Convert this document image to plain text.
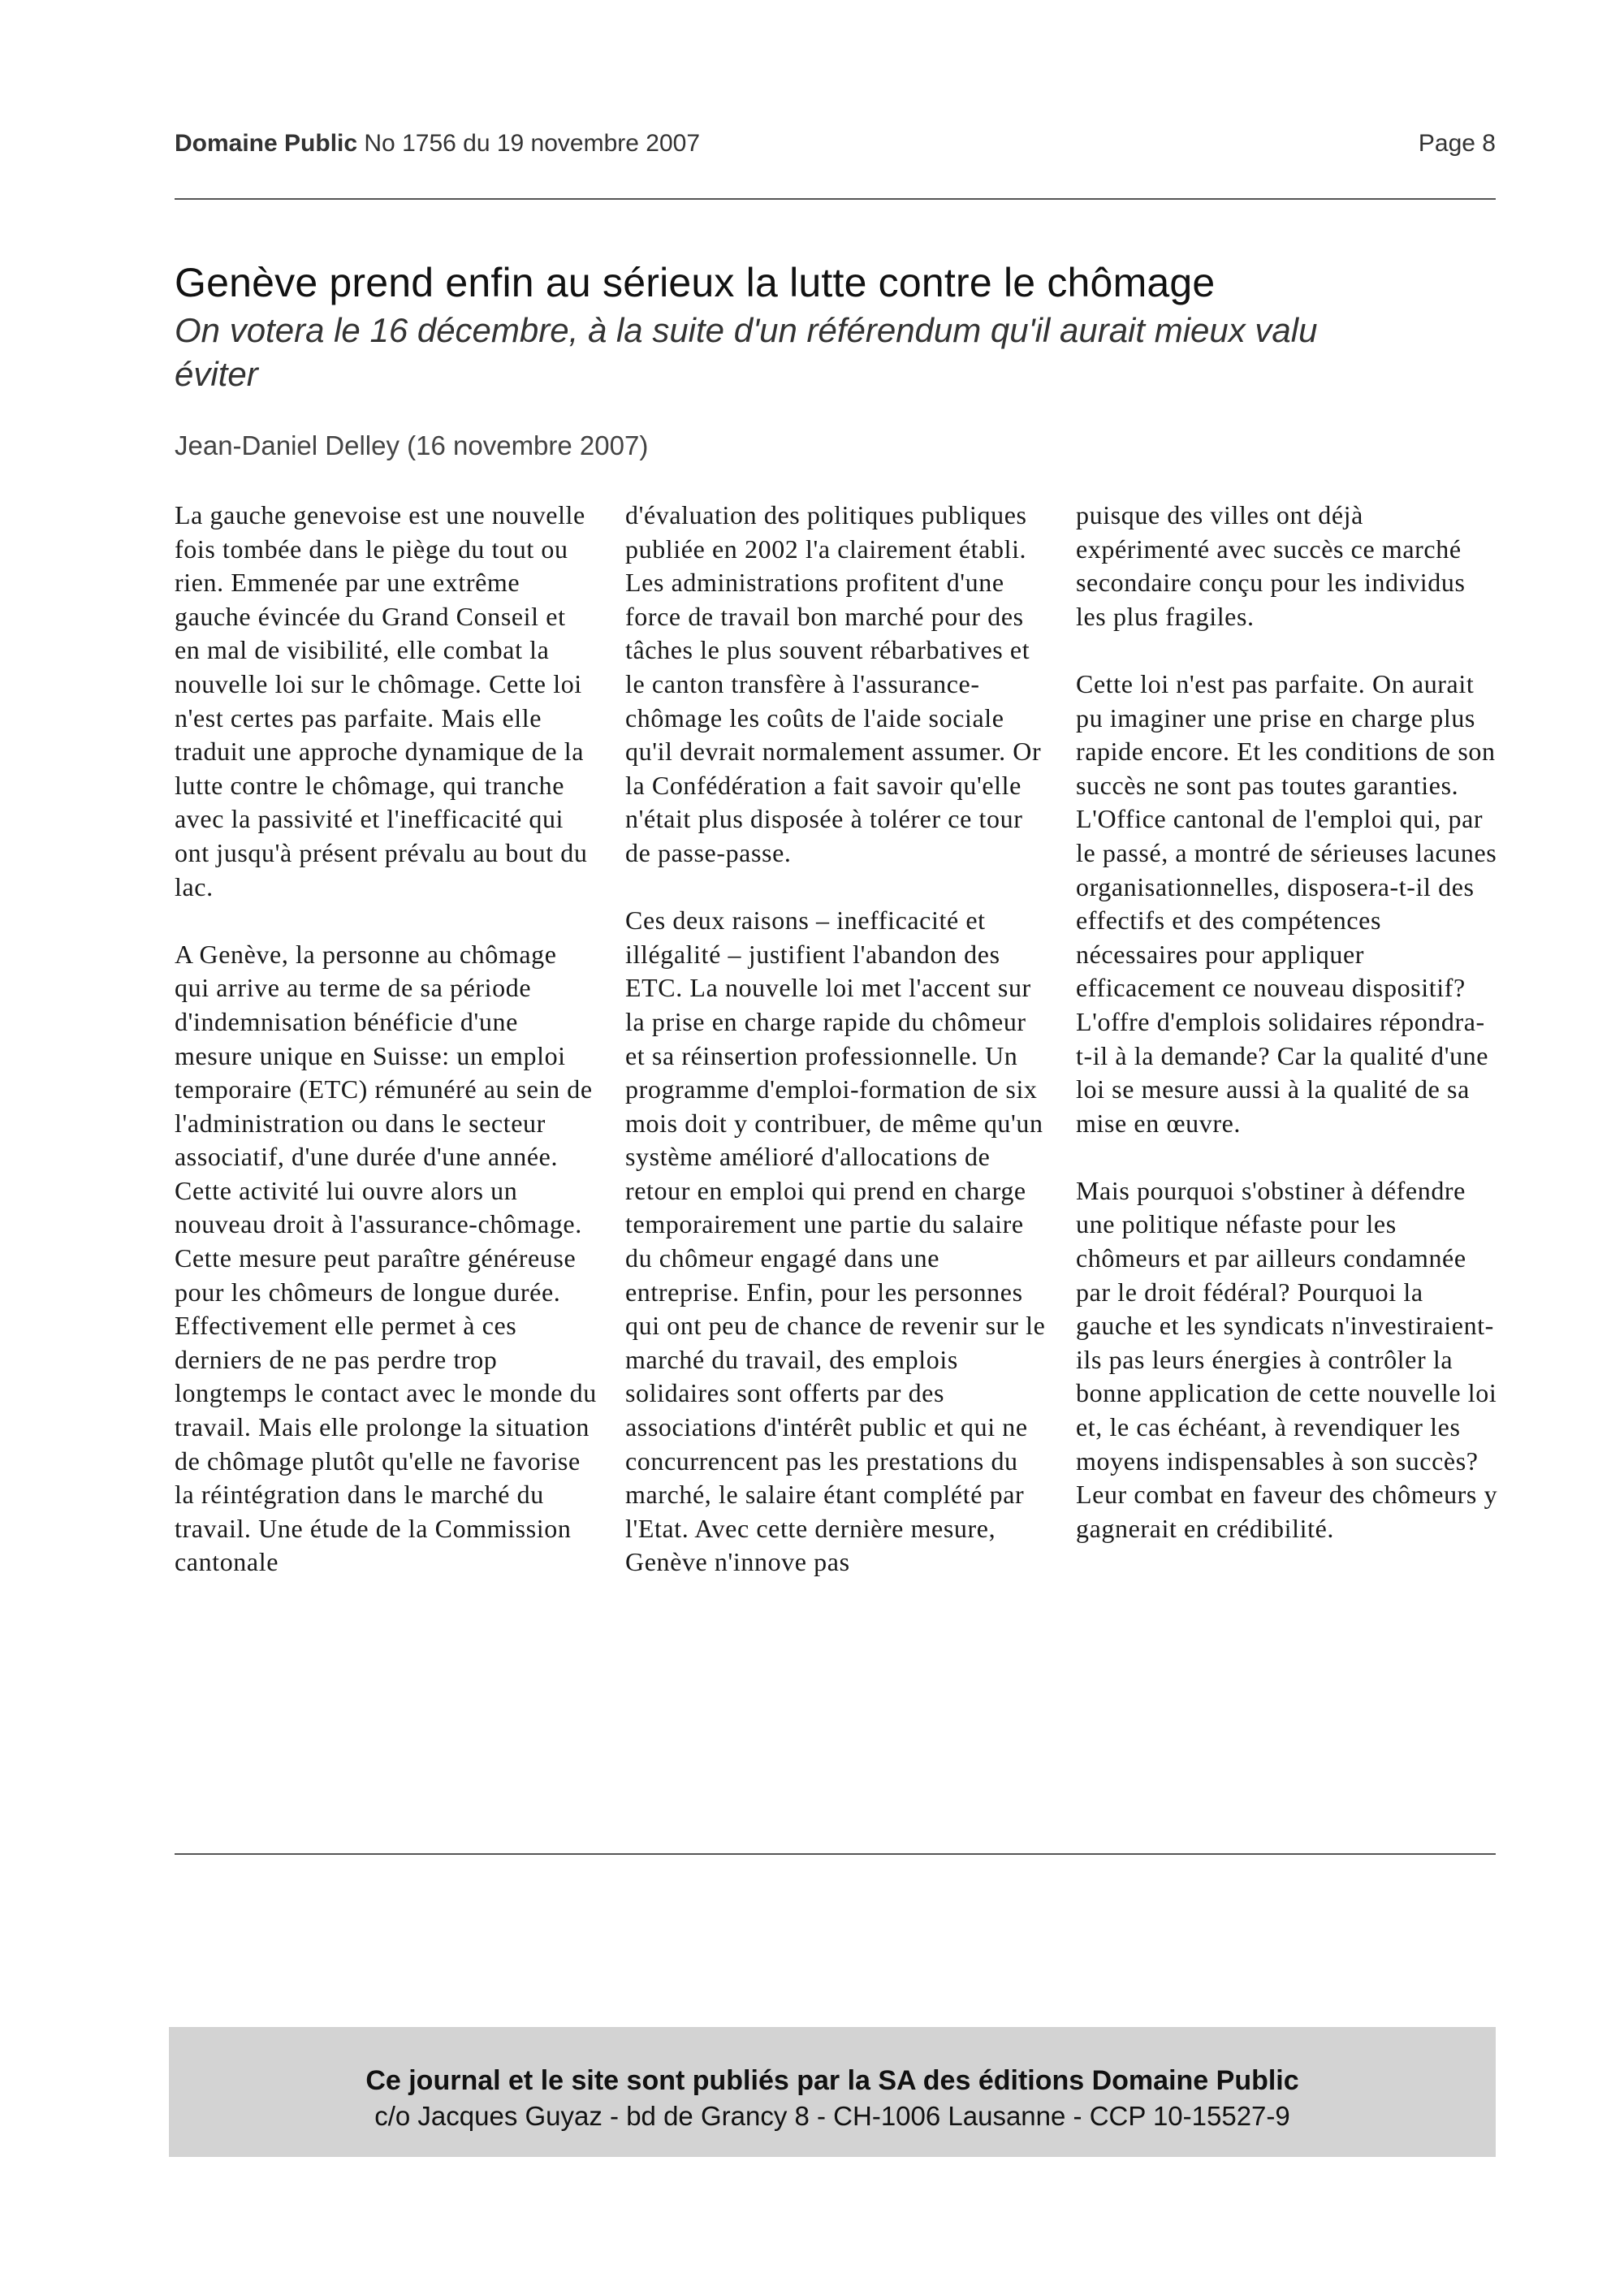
Domaine Public No 1756 du 19 novembre 2007	Page 8
Genève prend enfin au sérieux la lutte contre le chômage
On votera le 16 décembre, à la suite d'un référendum qu'il aurait mieux valu éviter
Jean-Daniel Delley (16 novembre 2007)

La gauche genevoise est une nouvelle fois tombée dans le piège du tout ou rien. Emmenée par une extrême gauche évincée du Grand Conseil et en mal de visibilité, elle combat la nouvelle loi sur le chômage. Cette loi n'est certes pas parfaite. Mais elle traduit une approche dynamique de la lutte contre le chômage, qui tranche avec la passivité et l'inefficacité qui ont jusqu'à présent prévalu au bout du lac.

A Genève, la personne au chômage qui arrive au terme de sa période d'indemnisation bénéficie d'une mesure unique en Suisse: un emploi temporaire (ETC) rémunéré au sein de l'administration ou dans le secteur associatif, d'une durée d'une année. Cette activité lui ouvre alors un nouveau droit à l'assurance-chômage. Cette mesure peut paraître généreuse pour les chômeurs de longue durée. Effectivement elle permet à ces derniers de ne pas perdre trop longtemps le contact avec le monde du travail. Mais elle prolonge la situation de chômage plutôt qu'elle ne favorise la réintégration dans le marché du travail. Une étude de la Commission cantonale

d'évaluation des politiques publiques publiée en 2002 l'a clairement établi. Les administrations profitent d'une force de travail bon marché pour des tâches le plus souvent rébarbatives et le canton transfère à l'assurance-chômage les coûts de l'aide sociale qu'il devrait normalement assumer. Or la Confédération a fait savoir qu'elle n'était plus disposée à tolérer ce tour de passe-passe.

Ces deux raisons – inefficacité et illégalité – justifient l'abandon des ETC. La nouvelle loi met l'accent sur la prise en charge rapide du chômeur et sa réinsertion professionnelle. Un programme d'emploi-formation de six mois doit y contribuer, de même qu'un système amélioré d'allocations de retour en emploi qui prend en charge temporairement une partie du salaire du chômeur engagé dans une entreprise. Enfin, pour les personnes qui ont peu de chance de revenir sur le marché du travail, des emplois solidaires sont offerts par des associations d'intérêt public et qui ne concurrencent pas les prestations du marché, le salaire étant complété par l'Etat. Avec cette dernière mesure, Genève n'innove pas

puisque des villes ont déjà expérimenté avec succès ce marché secondaire conçu pour les individus les plus fragiles.

Cette loi n'est pas parfaite. On aurait pu imaginer une prise en charge plus rapide encore. Et les conditions de son succès ne sont pas toutes garanties. L'Office cantonal de l'emploi qui, par le passé, a montré de sérieuses lacunes organisationnelles, disposera-t-il des effectifs et des compétences nécessaires pour appliquer efficacement ce nouveau dispositif? L'offre d'emplois solidaires répondra-t-il à la demande? Car la qualité d'une loi se mesure aussi à la qualité de sa mise en œuvre.

Mais pourquoi s'obstiner à défendre une politique néfaste pour les chômeurs et par ailleurs condamnée par le droit fédéral? Pourquoi la gauche et les syndicats n'investiraient-ils pas leurs énergies à contrôler la bonne application de cette nouvelle loi et, le cas échéant, à revendiquer les moyens indispensables à son succès? Leur combat en faveur des chômeurs y gagnerait en crédibilité.

Ce journal et le site sont publiés par la SA des éditions Domaine Public
c/o Jacques Guyaz - bd de Grancy 8 - CH-1006 Lausanne - CCP 10-15527-9
